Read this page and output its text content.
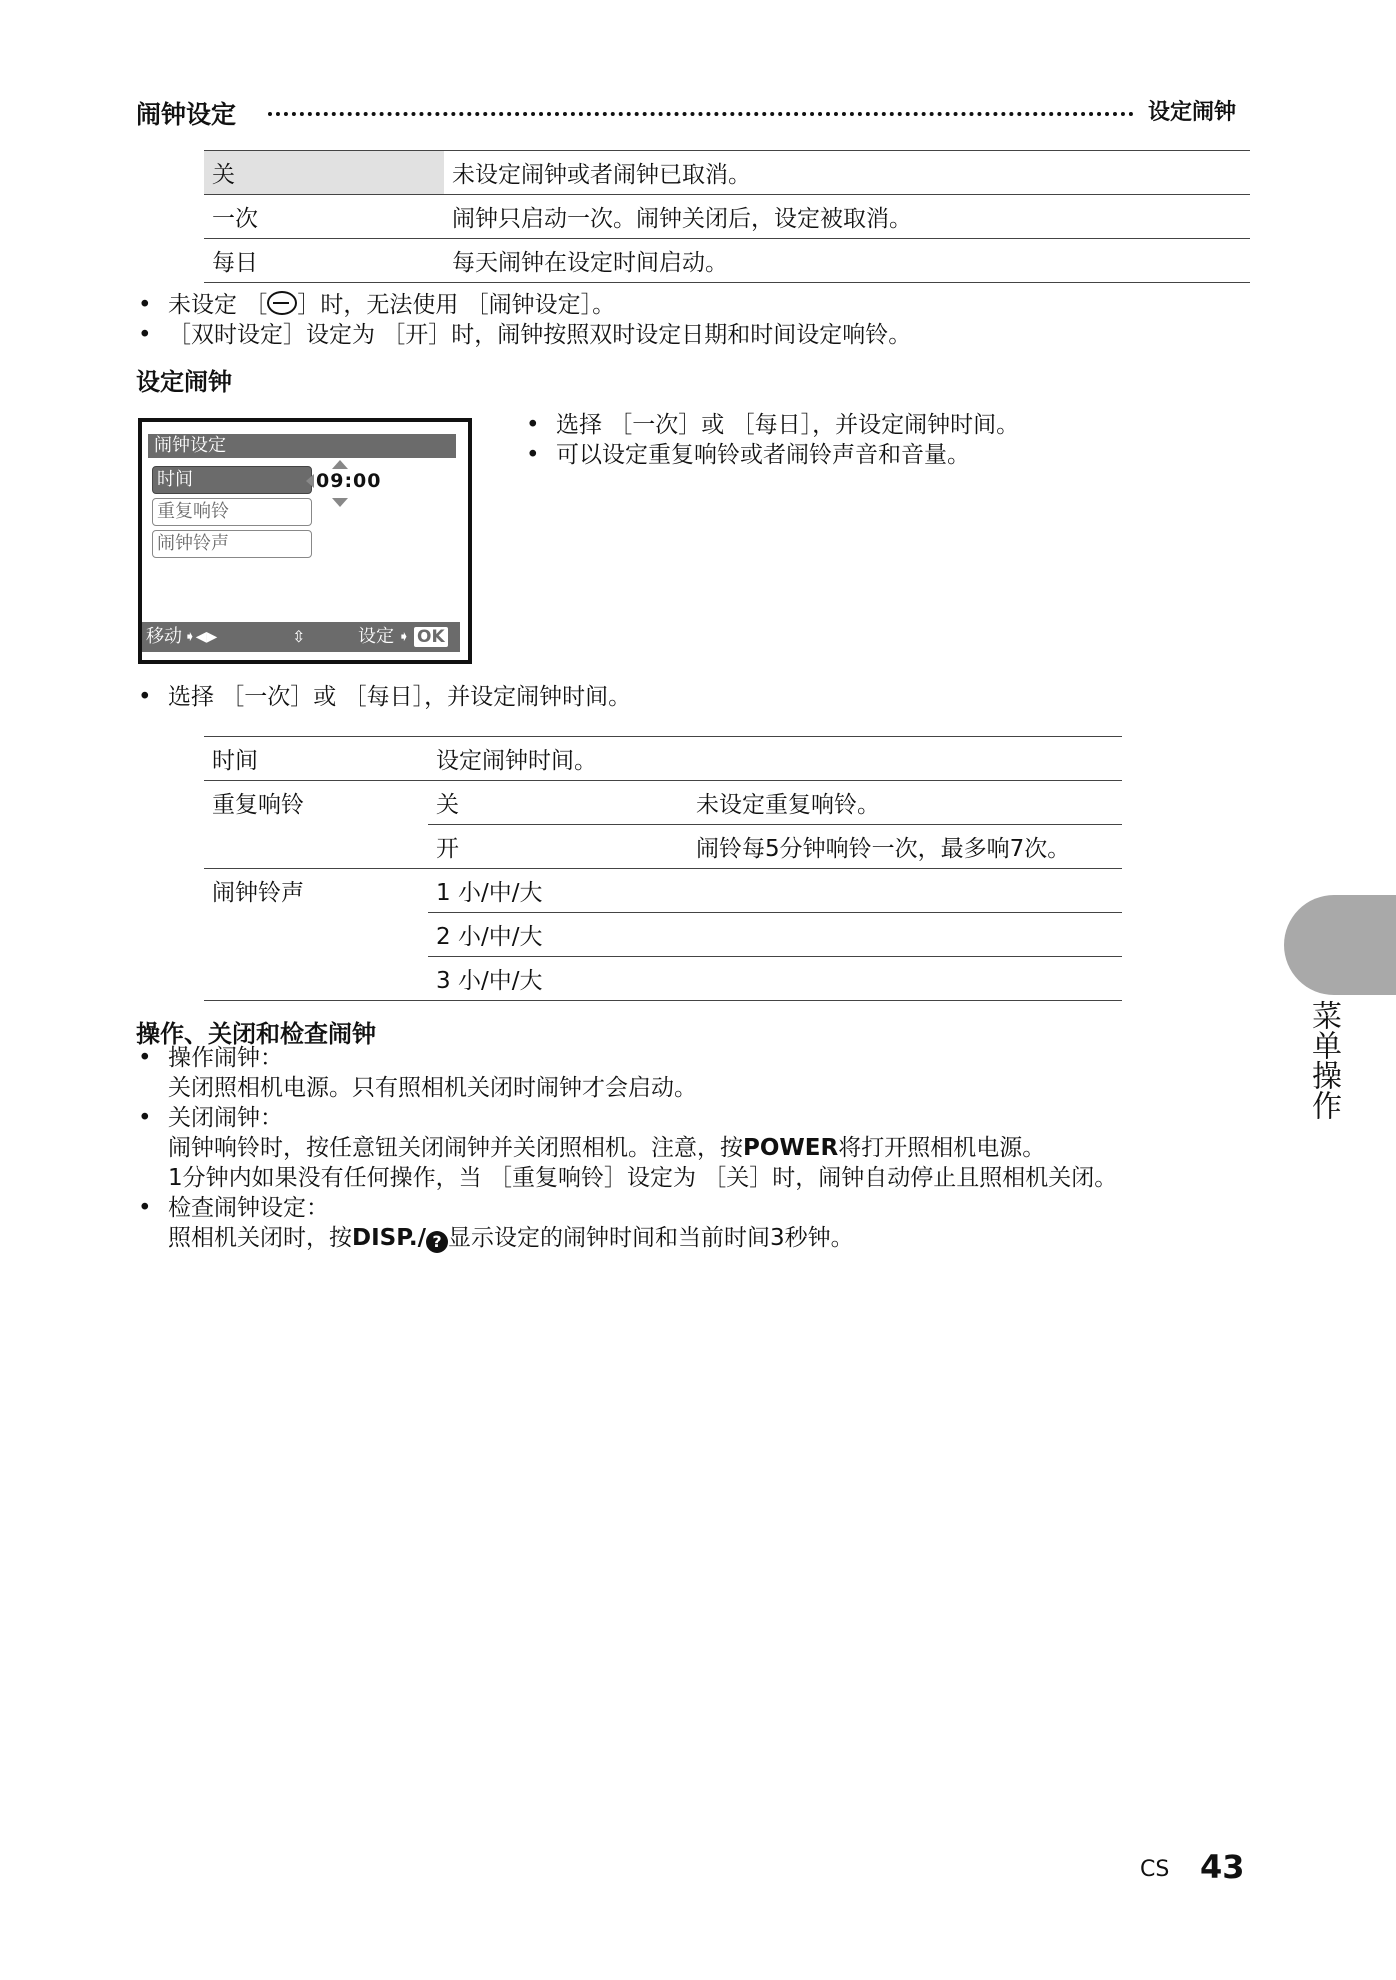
闹钟设定	设定闹钟
关	未设定闹钟或者闹钟已取消。
一次	闹钟只启动一次。闹钟关闭后，设定被取消。
每日	每天闹钟在设定时间启动。
• 未设定 ［ ］时，无法使用 ［闹钟设定］。
• ［双时设定］设定为 ［开］时，闹钟按照双时设定日期和时间设定响铃。
设定闹钟
闹钟设定
时间
重复响铃
闹钟铃声
09:00
移动 ➧◀▶	⇳	设定 ➧ OK
• 选择 ［一次］或 ［每日］，并设定闹钟时间。
• 可以设定重复响铃或者闹铃声音和音量。
• 选择 ［一次］或 ［每日］，并设定闹钟时间。
时间	设定闹钟时间。	
重复响铃	关	未设定重复响铃。
	开	闹铃每5分钟响铃一次，最多响7次。
闹钟铃声	1 小/中/大	
	2 小/中/大	
	3 小/中/大	
操作、关闭和检查闹钟
• 操作闹钟：
关闭照相机电源。只有照相机关闭时闹钟才会启动。
• 关闭闹钟：
闹钟响铃时，按任意钮关闭闹钟并关闭照相机。注意，按POWER将打开照相机电源。
1分钟内如果没有任何操作，当 ［重复响铃］设定为 ［关］时，闹钟自动停止且照相机关闭。
• 检查闹钟设定：
照相机关闭时，按DISP./ ? 显示设定的闹钟时间和当前时间3秒钟。
菜单操作
CS 43
